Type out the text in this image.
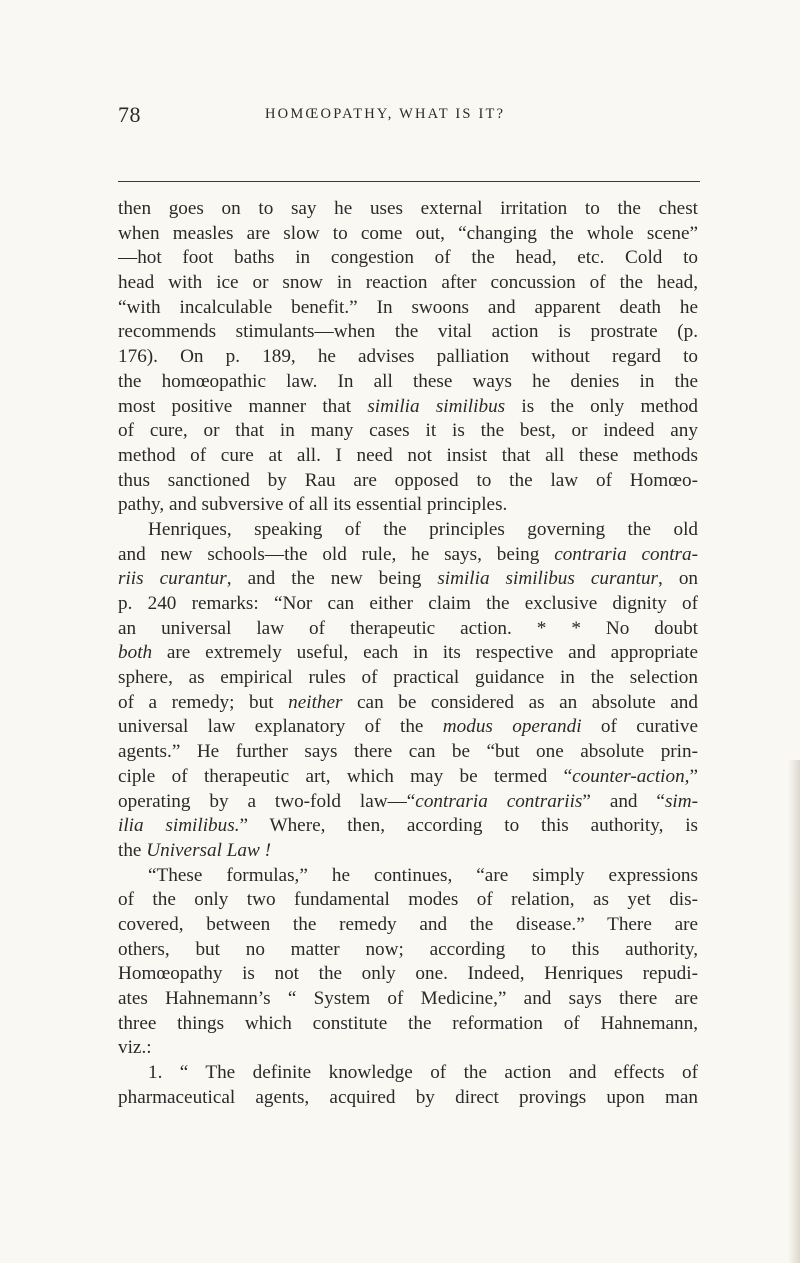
78	HOMŒOPATHY, WHAT IS IT?
then goes on to say he uses external irritation to the chest
when measles are slow to come out, “changing the whole scene”
—hot foot baths in congestion of the head, etc. Cold to
head with ice or snow in reaction after concussion of the head,
“with incalculable benefit.” In swoons and apparent death he
recommends stimulants—when the vital action is prostrate (p.
176). On p. 189, he advises palliation without regard to
the homœopathic law. In all these ways he denies in the
most positive manner that similia similibus is the only method
of cure, or that in many cases it is the best, or indeed any
method of cure at all. I need not insist that all these methods
thus sanctioned by Rau are opposed to the law of Homœo-
pathy, and subversive of all its essential principles.
Henriques, speaking of the principles governing the old
and new schools—the old rule, he says, being contraria contra-
riis curantur, and the new being similia similibus curantur, on
p. 240 remarks: “Nor can either claim the exclusive dignity of
an universal law of therapeutic action. * * No doubt
both are extremely useful, each in its respective and appropriate
sphere, as empirical rules of practical guidance in the selection
of a remedy; but neither can be considered as an absolute and
universal law explanatory of the modus operandi of curative
agents.” He further says there can be “but one absolute prin-
ciple of therapeutic art, which may be termed “counter-action,”
operating by a two-fold law—“contraria contrariis” and “sim-
ilia similibus.” Where, then, according to this authority, is
the Universal Law !
“These formulas,” he continues, “are simply expressions
of the only two fundamental modes of relation, as yet dis-
covered, between the remedy and the disease.” There are
others, but no matter now; according to this authority,
Homœopathy is not the only one. Indeed, Henriques repudi-
ates Hahnemann’s “ System of Medicine,” and says there are
three things which constitute the reformation of Hahnemann,
viz.:
1. “ The definite knowledge of the action and effects of
pharmaceutical agents, acquired by direct provings upon man
